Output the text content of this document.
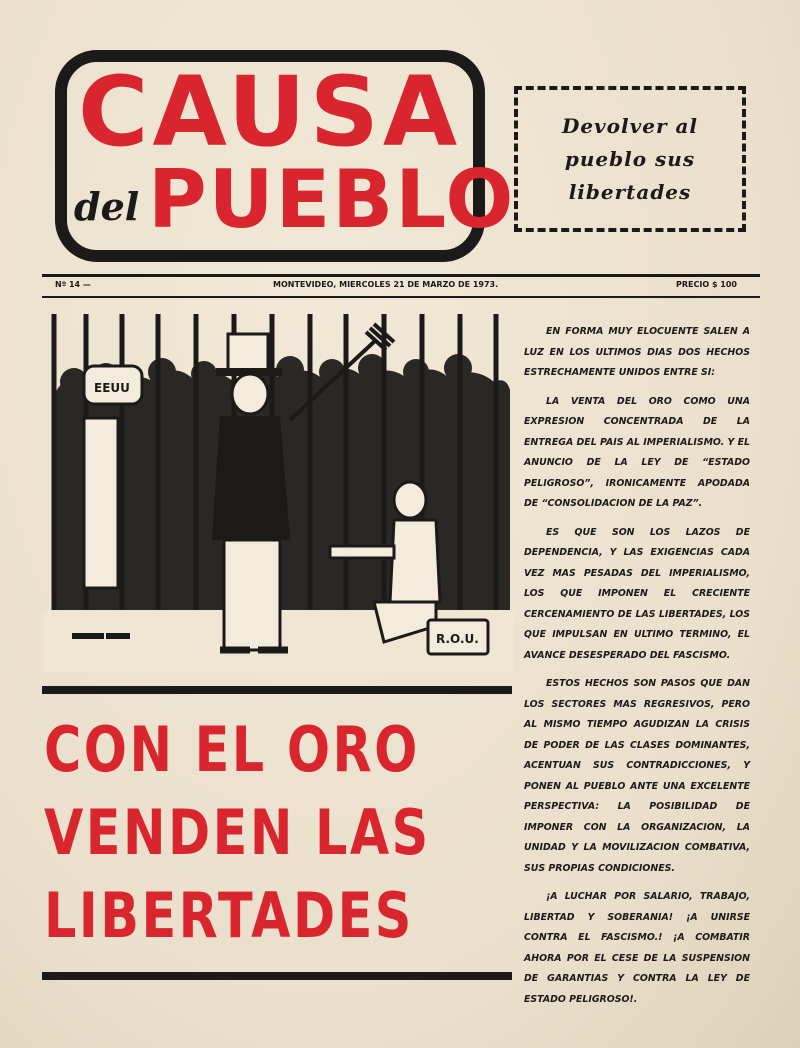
CAUSA
del PUEBLO
Devolver al
pueblo sus
libertades
Nº 14 —	MONTEVIDEO, MIERCOLES 21 DE MARZO DE 1973.	PRECIO $ 100
EEUU
R.O.U.
CON EL ORO
VENDEN LAS
LIBERTADES

EN FORMA MUY ELOCUENTE SALEN A LUZ EN LOS ULTIMOS DIAS DOS HECHOS ESTRECHAMENTE UNIDOS ENTRE SI:

LA VENTA DEL ORO COMO UNA EXPRESION CONCENTRADA DE LA ENTREGA DEL PAIS AL IMPERIALISMO. Y EL ANUNCIO DE LA LEY DE “ESTADO PELIGROSO”, IRONICAMENTE APODADA DE “CONSOLIDACION DE LA PAZ”.

ES QUE SON LOS LAZOS DE DEPENDENCIA, Y LAS EXIGENCIAS CADA VEZ MAS PESADAS DEL IMPERIALISMO, LOS QUE IMPONEN EL CRECIENTE CERCENAMIENTO DE LAS LIBERTADES, LOS QUE IMPULSAN EN ULTIMO TERMINO, EL AVANCE DESESPERADO DEL FASCISMO.

ESTOS HECHOS SON PASOS QUE DAN LOS SECTORES MAS REGRESIVOS, PERO AL MISMO TIEMPO AGUDIZAN LA CRISIS DE PODER DE LAS CLASES DOMINANTES, ACENTUAN SUS CONTRADICCIONES, Y PONEN AL PUEBLO ANTE UNA EXCELENTE PERSPECTIVA: LA POSIBILIDAD DE IMPONER CON LA ORGANIZACION, LA UNIDAD Y LA MOVILIZACION COMBATIVA, SUS PROPIAS CONDICIONES.

¡A LUCHAR POR SALARIO, TRABAJO, LIBERTAD Y SOBERANIA! ¡A UNIRSE CONTRA EL FASCISMO.! ¡A COMBATIR AHORA POR EL CESE DE LA SUSPENSION DE GARANTIAS Y CONTRA LA LEY DE ESTADO PELIGROSO!.
